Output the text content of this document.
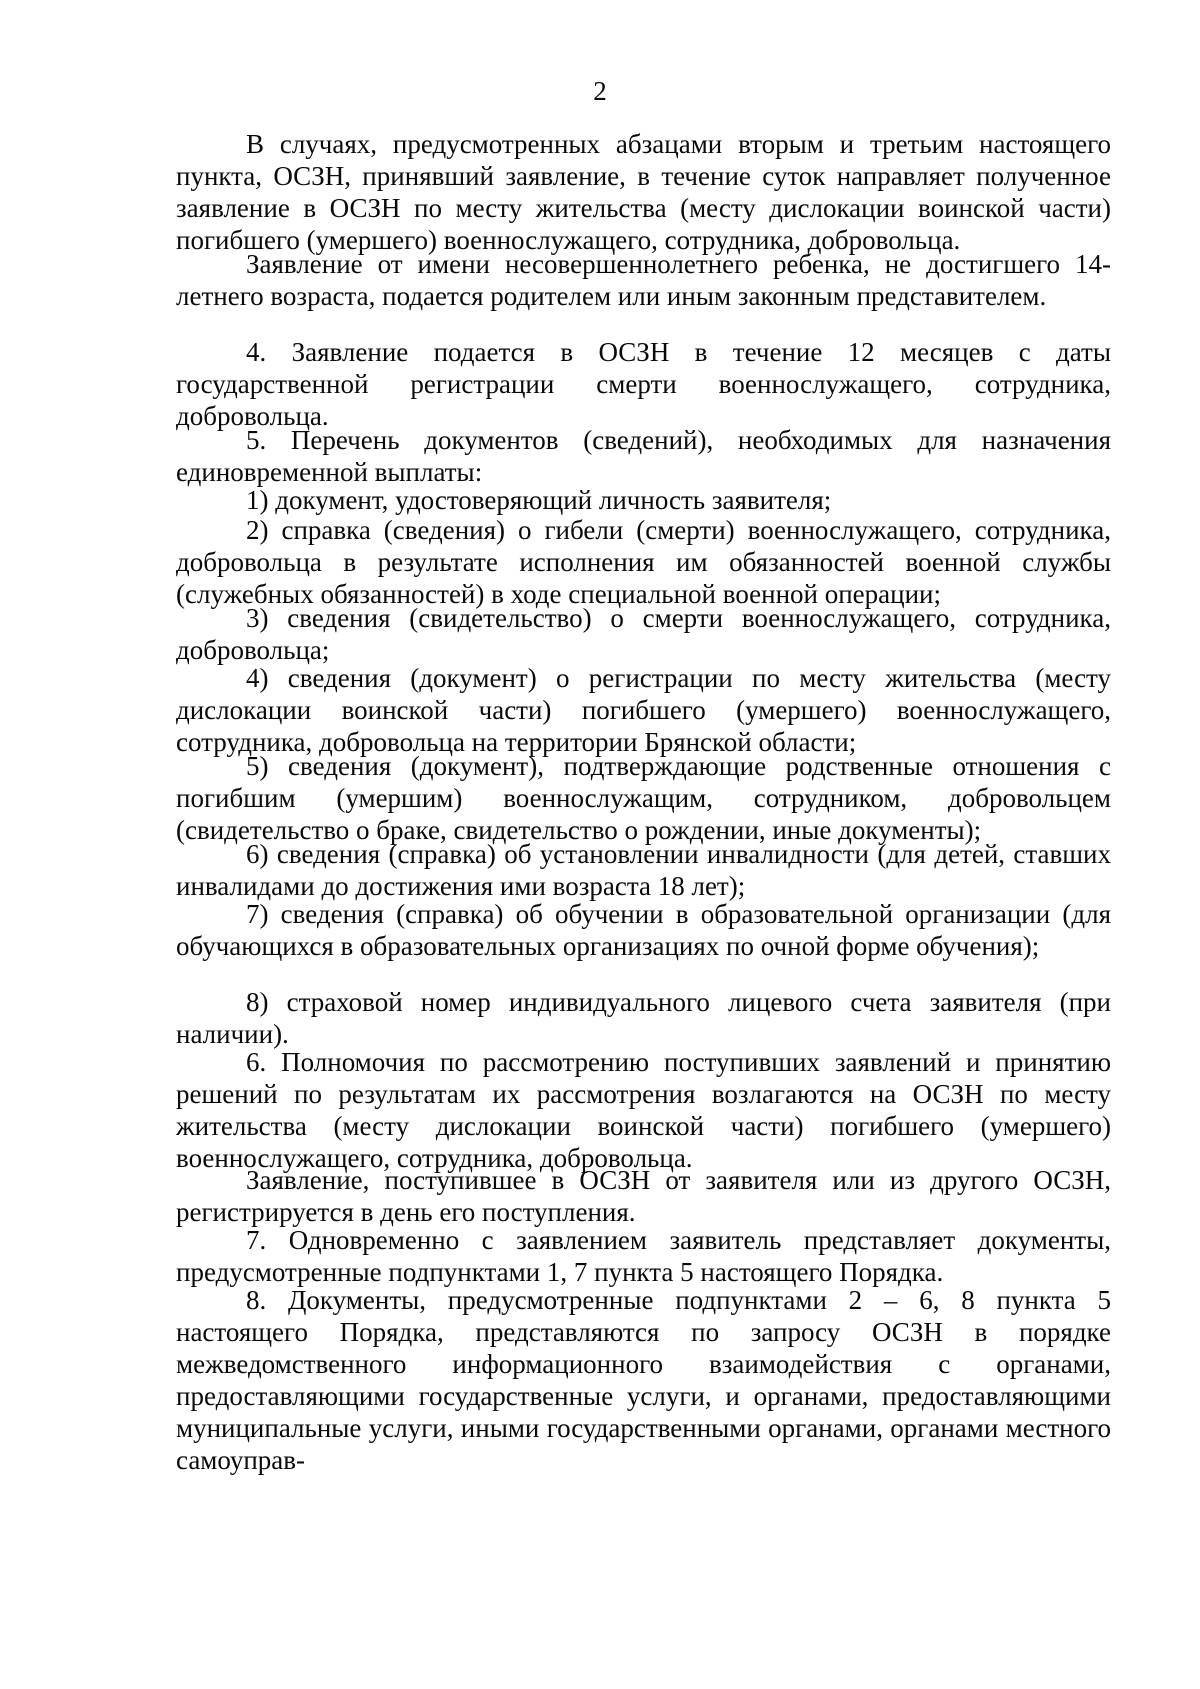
2

В случаях, предусмотренных абзацами вторым и третьим настоящего пункта, ОСЗН, принявший заявление, в течение суток направляет полученное заявление в ОСЗН по месту жительства (месту дислокации воинской части) погибшего (умершего) военнослужащего, сотрудника, добровольца.

Заявление от имени несовершеннолетнего ребенка, не достигшего 14-летнего возраста, подается родителем или иным законным представителем.

4. Заявление подается в ОСЗН в течение 12 месяцев с даты государственной регистрации смерти военнослужащего, сотрудника, добровольца.

5. Перечень документов (сведений), необходимых для назначения единовременной выплаты:

1) документ, удостоверяющий личность заявителя;

2) справка (сведения) о гибели (смерти) военнослужащего, сотрудника, добровольца в результате исполнения им обязанностей военной службы (служебных обязанностей) в ходе специальной военной операции;

3) сведения (свидетельство) о смерти военнослужащего, сотрудника, добровольца;

4) сведения (документ) о регистрации по месту жительства (месту дислокации воинской части) погибшего (умершего) военнослужащего, сотрудника, добровольца на территории Брянской области;

5) сведения (документ), подтверждающие родственные отношения с погибшим (умершим) военнослужащим, сотрудником, добровольцем (свидетельство о браке, свидетельство о рождении, иные документы);

6) сведения (справка) об установлении инвалидности (для детей, ставших инвалидами до достижения ими возраста 18 лет);

7) сведения (справка) об обучении в образовательной организации (для обучающихся в образовательных организациях по очной форме обучения);

8) страховой номер индивидуального лицевого счета заявителя (при наличии).

6. Полномочия по рассмотрению поступивших заявлений и принятию решений по результатам их рассмотрения возлагаются на ОСЗН по месту жительства (месту дислокации воинской части) погибшего (умершего) военнослужащего, сотрудника, добровольца.

Заявление, поступившее в ОСЗН от заявителя или из другого ОСЗН, регистрируется в день его поступления.

7. Одновременно с заявлением заявитель представляет документы, предусмотренные подпунктами 1, 7 пункта 5 настоящего Порядка.

8. Документы, предусмотренные подпунктами 2 – 6, 8 пункта 5 настоящего Порядка, представляются по запросу ОСЗН в порядке межведомственного информационного взаимодействия с органами, предоставляющими государственные услуги, и органами, предоставляющими муниципальные услуги, иными государственными органами, органами местного самоуправ-
